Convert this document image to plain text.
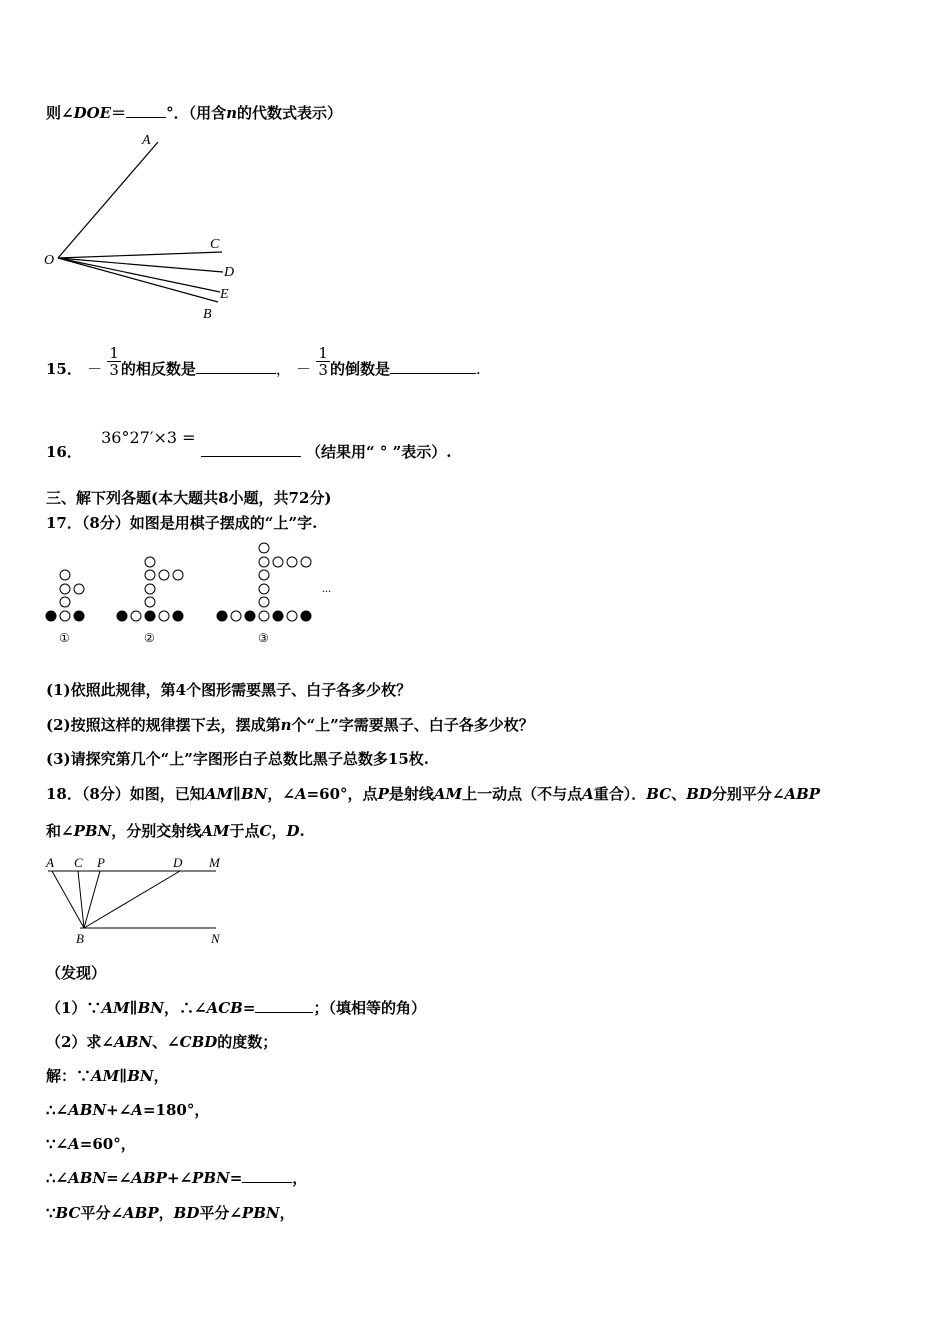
则∠DOE＝	°．（用含n的代数式表示）
A
C
D
E
B
O
15． － $\frac{1}{3}$ 的相反数是	， － $\frac{1}{3}$ 的倒数是	.
16． 36°27′×3 =  （结果用“ ° ”表示）.
三、解下列各题(本大题共8小题，共72分)
17．（8分）如图是用棋子摆成的“上”字.
①	②	③
...
(1)依照此规律，第4个图形需要黑子、白子各多少枚？
(2)按照这样的规律摆下去，摆成第n个“上”字需要黑子、白子各多少枚？
(3)请探究第几个“上”字图形白子总数比黑子总数多15枚.
18．（8分）如图，已知AM∥BN，∠A=60°，点P是射线AM上一动点（不与点A重合）．BC、BD分别平分∠ABP
和∠PBN，分别交射线AM于点C，D.
A C P	D M
B	N
（发现）
（1）∵AM∥BN，∴∠ACB=	；（填相等的角）
（2）求∠ABN、∠CBD的度数；
解：∵AM∥BN，
∴∠ABN+∠A=180°，
∵∠A=60°，
∴∠ABN=∠ABP+∠PBN=	，
∵BC平分∠ABP，BD平分∠PBN，
